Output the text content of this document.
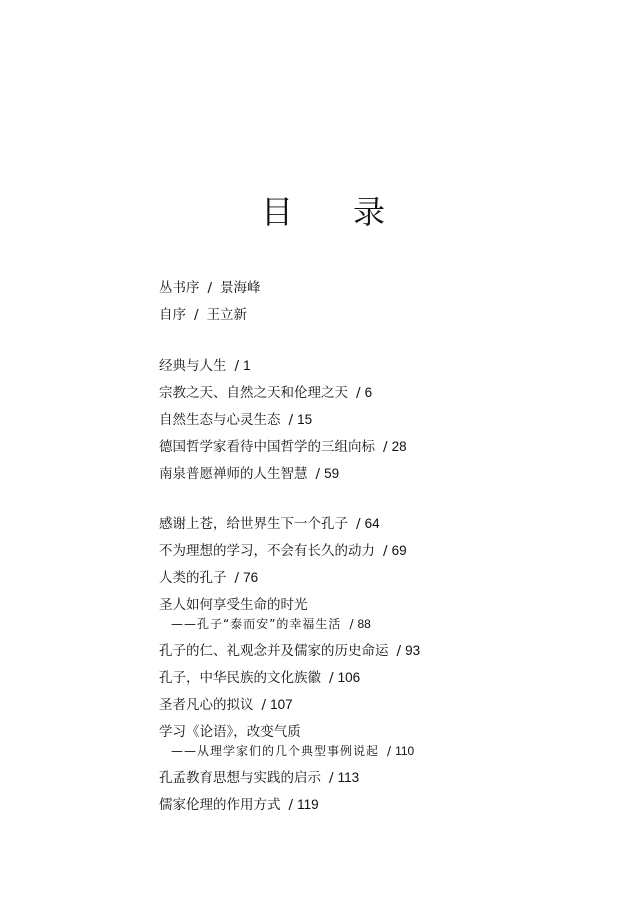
目 录
丛书序 / 景海峰
自序 / 王立新
经典与人生 / 1
宗教之天、自然之天和伦理之天 / 6
自然生态与心灵生态 / 15
德国哲学家看待中国哲学的三组向标 / 28
南泉普愿禅师的人生智慧 / 59
感谢上苍，给世界生下一个孔子 / 64
不为理想的学习，不会有长久的动力 / 69
人类的孔子 / 76
圣人如何享受生命的时光
——孔子“泰而安”的幸福生活 / 88
孔子的仁、礼观念并及儒家的历史命运 / 93
孔子，中华民族的文化族徽 / 106
圣者凡心的拟议 / 107
学习《论语》，改变气质
——从理学家们的几个典型事例说起 / 110
孔孟教育思想与实践的启示 / 113
儒家伦理的作用方式 / 119
